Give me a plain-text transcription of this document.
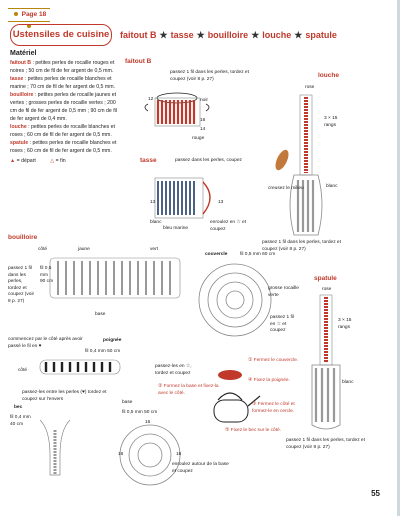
Page 18
Ustensiles de cuisine faitout B ★ tasse ★ bouilloire ★ louche ★ spatule
Matériel
faitout B : petites perles de rocaille rouges et noires ; 50 cm de fil de fer argent de 0,5 mm.
tasse : petites perles de rocaille blanches et marine ; 70 cm de fil de fer argent de 0,5 mm.
bouilloire : petites perles de rocaille jaunes et vertes ; grosses perles de rocaille vertes ; 200 cm de fil de fer argent de 0,5 mm ; 90 cm de fil de fer argent de 0,4 mm.
louche : petites perles de rocaille blanches et roses ; 60 cm de fil de fer argent de 0,5 mm.
spatule : petites perles de rocaille blanches et roses ; 60 cm de fil de fer argent de 0,5 mm.
▲ = départ	△ = fin
faitout B
passez 1 fil dans les perles, tordez et coupez (voir 8 p. 27)
12	noir
16
14
rouge
tasse	passez dans les perles, coupez
13	13
blanc
bleu marine
enroulez en ☆ et coupez
louche
rose
3 × 15 rangs
creusez le milieu	blanc
passez 1 fil dans les perles, tordez et coupez (voir 8 p. 27)
bouilloire
côté	jaune	vert
passez 1 fil dans les perles, tordez et coupez (voir 8 p. 27)
fil 0,5 mm 90 cm
base
commencez par le côté après avoir passé le fil en ♥
poignée
fil 0,4 mm 50 cm
passez-les en ☆, tordez et coupez
côté
passez-les entre les perles (♥) tordez et coupez sur l'envers
bec
fil 0,4 mm 40 cm
② Formez la base et fixez-la avec le côté.
base
fil 0,5 mm 50 cm
16
16	16
enroulez autour de la base et coupez
couvercle	fil 0,5 mm 60 cm
grosse rocaille verte
passez 1 fil en ☆ et coupez
① Fermez le couvercle.
④ Fixez la poignée.
③ Fermez le côté et formez-le en cercle.
⑤ Fixez le bec sur le côté.
spatule
rose
3 × 15 rangs
blanc
passez 1 fil dans les perles, tordez et coupez (voir 8 p. 27)
55
